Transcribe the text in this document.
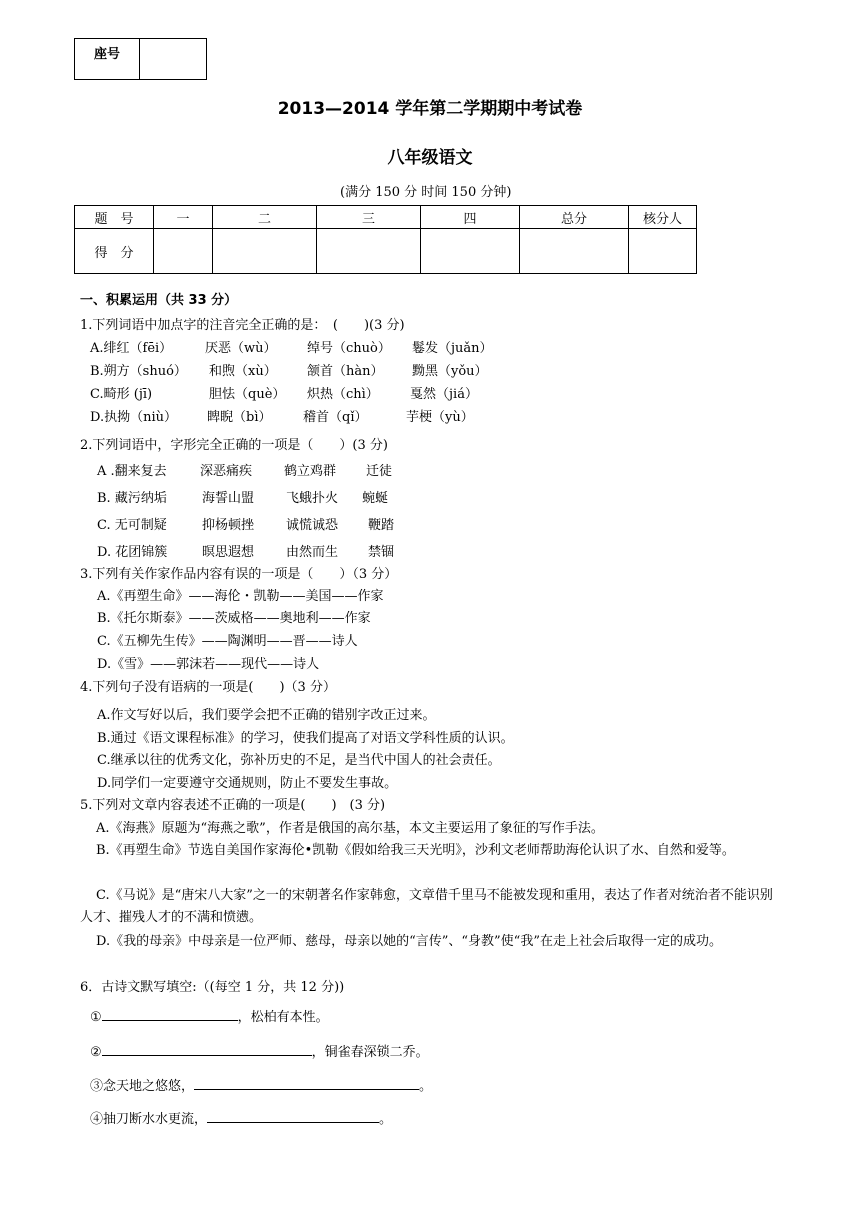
座号	
2013—2014 学年第二学期期中考试卷
八年级语文
(满分 150 分 时间 150 分钟)
题　号	一	二	三	四	总分	核分人
得　分						
一、积累运用（共 33 分）
1.下列词语中加点字的注音完全正确的是：　(　　)(3 分)
A.绯红（fēi）	厌恶（wù） 绰号（chuò） 鬈发（juǎn）
B.朔方（shuó） 和煦（xù） 颔首（hàn） 黝黑（yǒu）
C.畸形 (jī)	胆怯（què） 炽热（chì） 戛然（jiá）
D.执拗（niù） 睥睨（bì） 稽首（qǐ）	芋梗（yù）
2.下列词语中，字形完全正确的一项是（　　）(3 分)
A .翻来复去	深恶痛疾 鹤立鸡群 迁徒
B. 藏污纳垢	海誓山盟 飞蛾扑火 蜿蜒
C. 无可制疑	抑杨顿挫 诚慌诚恐 鞭踏
D. 花团锦簇	暝思遐想 由然而生 禁锢
3.下列有关作家作品内容有误的一项是（　　）（3 分）
A.《再塑生命》——海伦・凯勒——美国——作家
B.《托尔斯泰》——茨威格——奥地利——作家
C.《五柳先生传》——陶渊明——晋——诗人
D.《雪》——郭沫若——现代——诗人
4.下列句子没有语病的一项是(　　)（3 分）
A.作文写好以后，我们要学会把不正确的错别字改正过来。
B.通过《语文课程标准》的学习，使我们提高了对语文学科性质的认识。
C.继承以往的优秀文化，弥补历史的不足，是当代中国人的社会责任。
D.同学们一定要遵守交通规则，防止不要发生事故。
5.下列对文章内容表述不正确的一项是(　　)　(3 分)
A.《海燕》原题为“海燕之歌”，作者是俄国的高尔基，本文主要运用了象征的写作手法。
B.《再塑生命》节选自美国作家海伦•凯勒《假如给我三天光明》，沙利文老师帮助海伦认识了水、自然和爱等。
C.《马说》是“唐宋八大家”之一的宋朝著名作家韩愈，文章借千里马不能被发现和重用，表达了作者对统治者不能识别人才、摧残人才的不满和愤懑。
D.《我的母亲》中母亲是一位严师、慈母，母亲以她的“言传”、“身教”使“我”在走上社会后取得一定的成功。
6．古诗文默写填空:（(每空 1 分，共 12 分))
①	，松柏有本性。
②	，铜雀春深锁二乔。
③念天地之悠悠，	。
④抽刀断水水更流，	。
